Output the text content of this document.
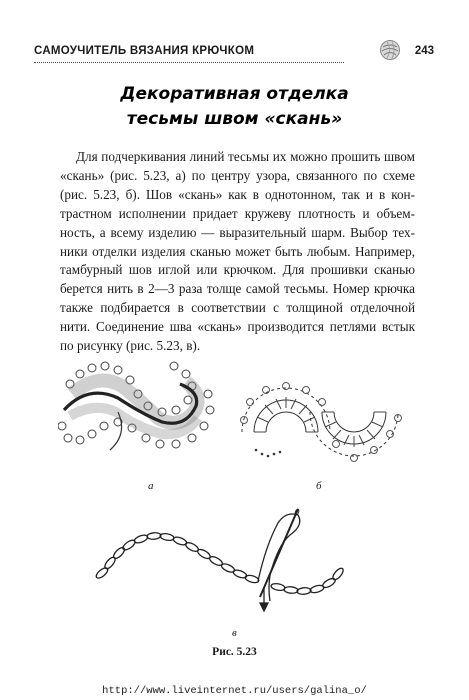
САМОУЧИТЕЛЬ ВЯЗАНИЯ КРЮЧКОМ	243
Декоративная отделка
тесьмы швом «скань»
Для подчеркивания линий тесьмы их можно прошить швом
«скань» (рис. 5.23, а) по центру узора, связанного по схеме
(рис. 5.23, б). Шов «скань» как в однотонном, так и в кон-
трастном исполнении придает кружеву плотность и объем-
ность, а всему изделию — выразительный шарм. Выбор тех-
ники отделки изделия сканью может быть любым. Например,
тамбурный шов иглой или крючком. Для прошивки сканью
берется нить в 2—3 раза толще самой тесьмы. Номер крючка
также подбирается в соответствии с толщиной отделочной
нити. Соединение шва «скань» производится петлями встык
по рисунку (рис. 5.23, в).
а	б
в
Рис. 5.23
http://www.liveinternet.ru/users/galina_o/
